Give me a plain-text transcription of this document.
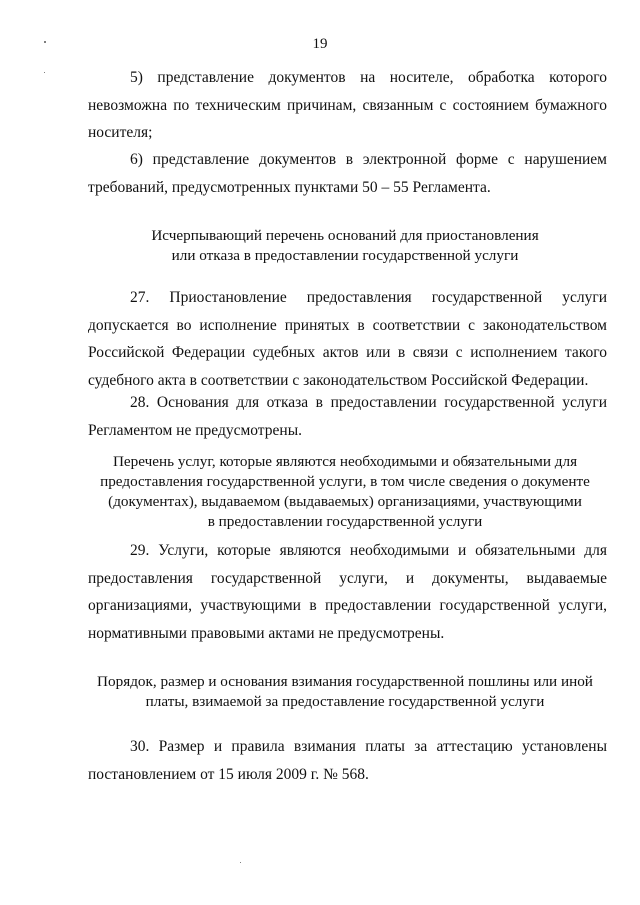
19
5) представление документов на носителе, обработка которого невозможна по техническим причинам, связанным с состоянием бумажного носителя;
6) представление документов в электронной форме с нарушением требований, предусмотренных пунктами 50 – 55 Регламента.
Исчерпывающий перечень оснований для приостановления
или отказа в предоставлении государственной услуги
27. Приостановление предоставления государственной услуги допускается во исполнение принятых в соответствии с законодательством Российской Федерации судебных актов или в связи с исполнением такого судебного акта в соответствии с законодательством Российской Федерации.
28. Основания для отказа в предоставлении государственной услуги Регламентом не предусмотрены.
Перечень услуг, которые являются необходимыми и обязательными для
предоставления государственной услуги, в том числе сведения о документе
(документах), выдаваемом (выдаваемых) организациями, участвующими
в предоставлении государственной услуги
29. Услуги, которые являются необходимыми и обязательными для предоставления государственной услуги, и документы, выдаваемые организациями, участвующими в предоставлении государственной услуги, нормативными правовыми актами не предусмотрены.
Порядок, размер и основания взимания государственной пошлины или иной
платы, взимаемой за предоставление государственной услуги
30. Размер и правила взимания платы за аттестацию установлены постановлением от 15 июля 2009 г. № 568.
